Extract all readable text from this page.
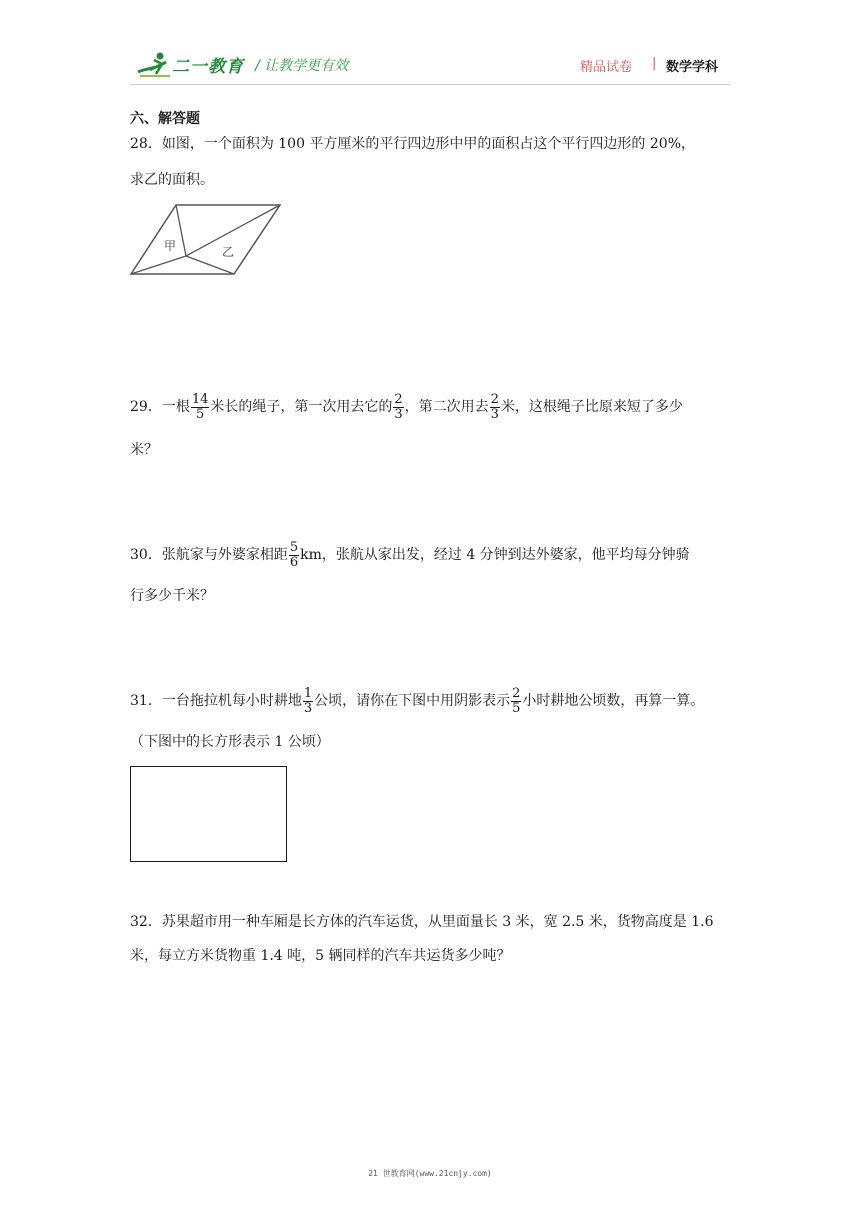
二一教育 / 让教学更有效	精品试卷 | 数学学科
六、解答题
28．如图，一个面积为 100 平方厘米的平行四边形中甲的面积占这个平行四边形的 20%，
求乙的面积。
甲	乙
29．一根 $\frac{14}{5}$ 米长的绳子，第一次用去它的 $\frac{2}{3}$ ，第二次用去 $\frac{2}{3}$ 米，这根绳子比原来短了多少
米？
30．张航家与外婆家相距 $\frac{5}{6}$ km，张航从家出发，经过 4 分钟到达外婆家，他平均每分钟骑
行多少千米？
31．一台拖拉机每小时耕地 $\frac{1}{3}$ 公顷，请你在下图中用阴影表示 $\frac{2}{5}$ 小时耕地公顷数，再算一算。
（下图中的长方形表示 1 公顷）
32．苏果超市用一种车厢是长方体的汽车运货，从里面量长 3 米，宽 2.5 米，货物高度是 1.6
米，每立方米货物重 1.4 吨，5 辆同样的汽车共运货多少吨？
21 世教育网(www.21cnjy.com)
